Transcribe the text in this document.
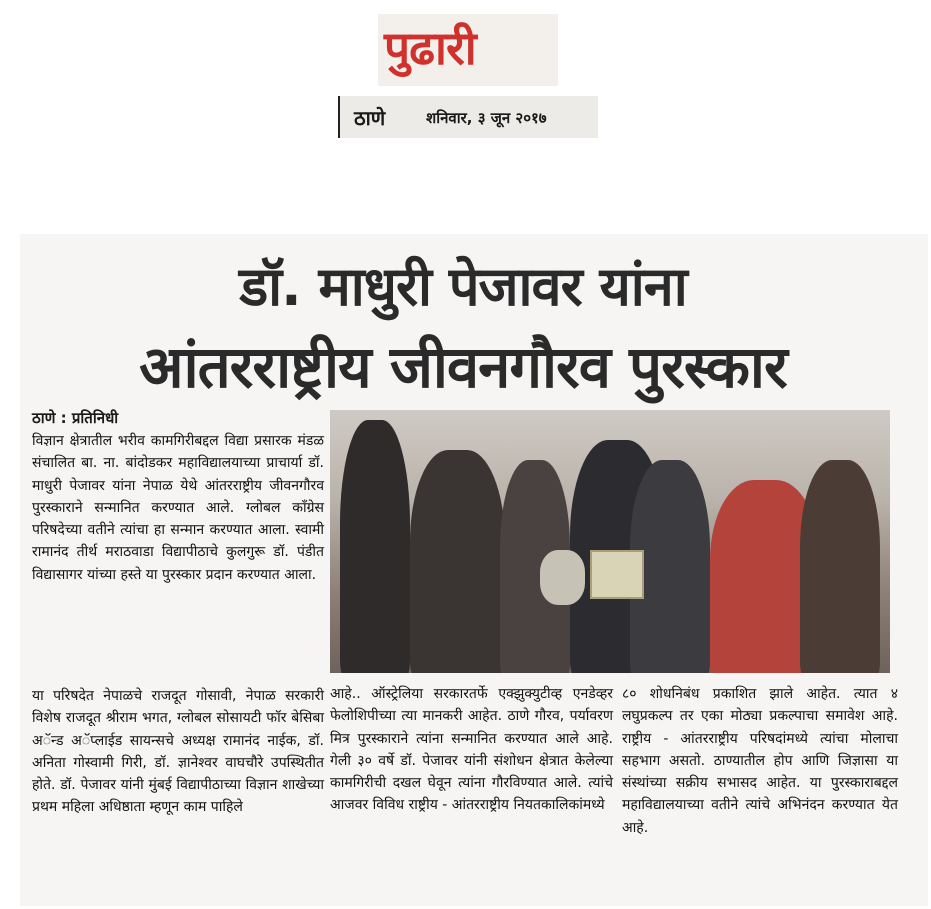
पुढारी
ठाणे	शनिवार, ३ जून २०१७
डॉ. माधुरी पेजावर यांना
आंतरराष्ट्रीय जीवनगौरव पुरस्कार
ठाणे : प्रतिनिधी
विज्ञान क्षेत्रातील भरीव कामगिरीबद्दल विद्या प्रसारक मंडळ संचालित बा. ना. बांदोडकर महाविद्यालयाच्या प्राचार्या डॉ. माधुरी पेजावर यांना नेपाळ येथे आंतरराष्ट्रीय जीवनगौरव पुरस्काराने सन्मानित करण्यात आले. ग्लोबल कॉंग्रेस परिषदेच्या वतीने त्यांचा हा सन्मान करण्यात आला. स्वामी रामानंद तीर्थ मराठवाडा विद्यापीठाचे कुलगुरू डॉ. पंडीत विद्यासागर यांच्या हस्ते या पुरस्कार प्रदान करण्यात आला.
या परिषदेत नेपाळचे राजदूत गोसावी, नेपाळ सरकारी विशेष राजदूत श्रीराम भगत, ग्लोबल सोसायटी फॉर बेसिबा अॅन्ड अॅप्लाईड सायन्सचे अध्यक्ष रामानंद नाईक, डॉ. अनिता गोस्वामी गिरी, डॉ. ज्ञानेश्वर वाघचौरे उपस्थितीत होते. डॉ. पेजावर यांनी मुंबई विद्यापीठाच्या विज्ञान शाखेच्या प्रथम महिला अधिष्ठाता म्हणून काम पाहिले
आहे.. ऑस्ट्रेलिया सरकारतर्फे एक्झुक्युटीव्ह एनडेव्हर फेलोशिपीच्या त्या मानकरी आहेत. ठाणे गौरव, पर्यावरण मित्र पुरस्काराने त्यांना सन्मानित करण्यात आले आहे. गेली ३० वर्षे डॉ. पेजावर यांनी संशोधन क्षेत्रात केलेल्या कामगिरीची दखल घेवून त्यांना गौरविण्यात आले. त्यांचे आजवर विविध राष्ट्रीय - आंतरराष्ट्रीय नियतकालिकांमध्ये
८० शोधनिबंध प्रकाशित झाले आहेत. त्यात ४ लघुप्रकल्प तर एका मोठ्या प्रकल्पाचा समावेश आहे. राष्ट्रीय - आंतरराष्ट्रीय परिषदांमध्ये त्यांचा मोलाचा सहभाग असतो. ठाण्यातील होप आणि जिज्ञासा या संस्थांच्या सक्रीय सभासद आहेत. या पुरस्काराबद्दल महाविद्यालयाच्या वतीने त्यांचे अभिनंदन करण्यात येत आहे.
